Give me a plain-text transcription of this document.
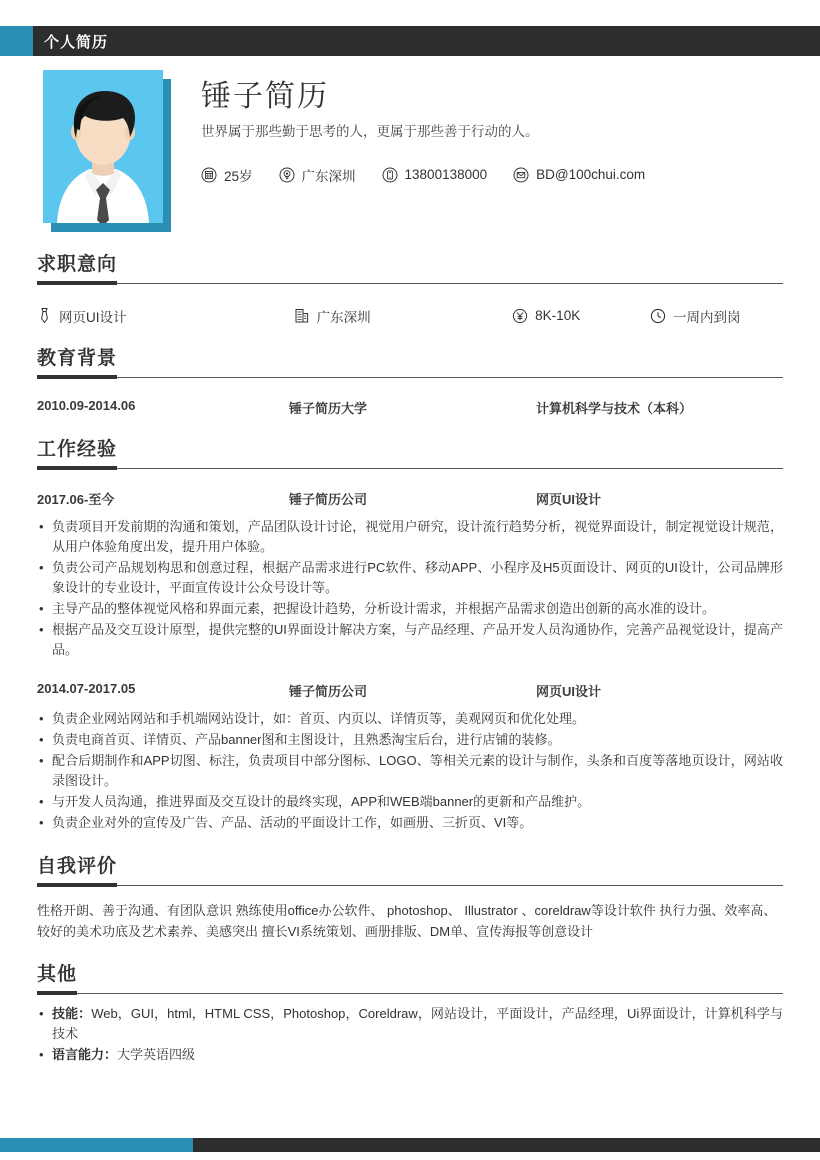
个人简历
锤子简历

世界属于那些勤于思考的人，更属于那些善于行动的人。

25岁	广东深圳	13800138000	BD@100chui.com
求职意向
网页UI设计	广东深圳	8K-10K	一周内到岗
教育背景
2010.09-2014.06	锤子简历大学	计算机科学与技术（本科）
工作经验
2017.06-至今	锤子简历公司	网页UI设计
• 负责项目开发前期的沟通和策划，产品团队设计讨论，视觉用户研究，设计流行趋势分析，视觉界面设计，制定视觉设计规范，从用户体验角度出发，提升用户体验。
• 负责公司产品规划构思和创意过程，根据产品需求进行PC软件、移动APP、小程序及H5页面设计、网页的UI设计，公司品牌形象设计的专业设计，平面宣传设计公众号设计等。
• 主导产品的整体视觉风格和界面元素，把握设计趋势，分析设计需求，并根据产品需求创造出创新的高水准的设计。
• 根据产品及交互设计原型，提供完整的UI界面设计解决方案，与产品经理、产品开发人员沟通协作，完善产品视觉设计，提高产品。
2014.07-2017.05	锤子简历公司	网页UI设计
• 负责企业网站网站和手机端网站设计，如：首页、内页以、详情页等，美观网页和优化处理。
• 负责电商首页、详情页、产品banner图和主图设计，且熟悉淘宝后台，进行店铺的装修。
• 配合后期制作和APP切图、标注，负责项目中部分图标、LOGO、等相关元素的设计与制作，头条和百度等落地页设计，网站收录图设计。
• 与开发人员沟通，推进界面及交互设计的最终实现，APP和WEB端banner的更新和产品维护。
• 负责企业对外的宣传及广告、产品、活动的平面设计工作，如画册、三折页、VI等。
自我评价

性格开朗、善于沟通、有团队意识 熟练使用office办公软件、 photoshop、 Illustrator 、coreldraw等设计软件 执行力强、效率高、较好的美术功底及艺术素养、美感突出 擅长VI系统策划、画册排版、DM单、宣传海报等创意设计

其他
• 技能：Web，GUI，html，HTML CSS，Photoshop，Coreldraw，网站设计，平面设计，产品经理，Ui界面设计，计算机科学与技术
• 语言能力：大学英语四级
